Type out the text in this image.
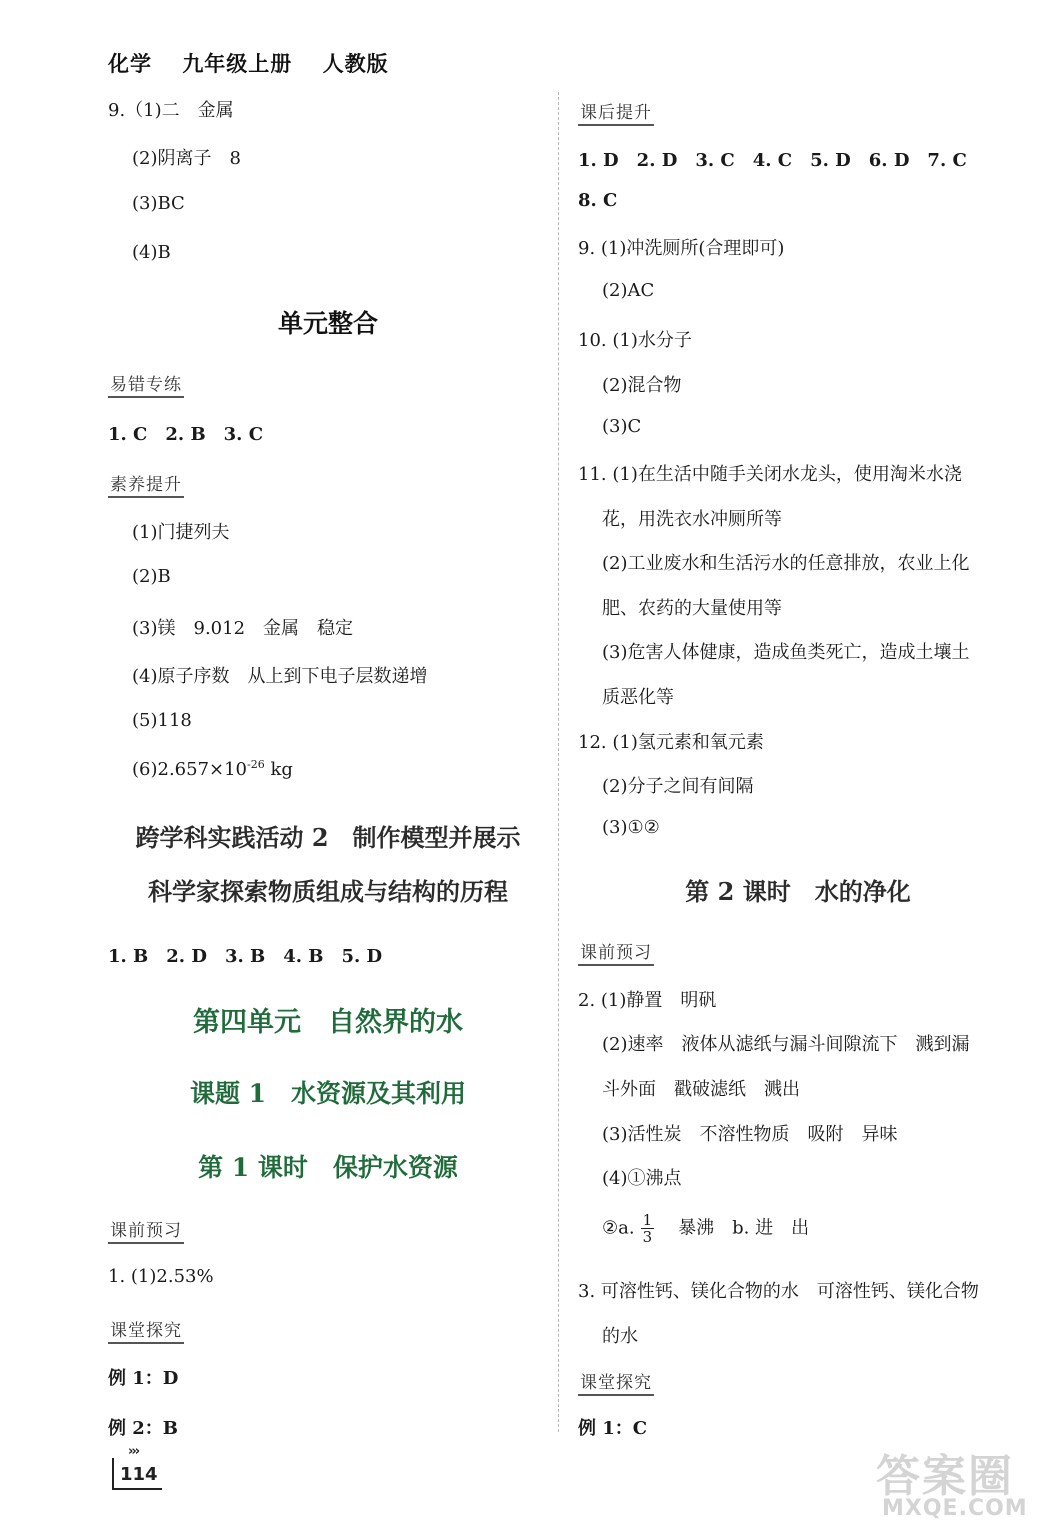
化学 九年级上册 人教版
9.（1)二　金属
(2)阴离子　8
(3)BC
(4)B
单元整合
易错专练
1. C　2. B　3. C
素养提升
(1)门捷列夫
(2)B
(3)镁　9.012　金属　稳定
(4)原子序数　从上到下电子层数递增
(5)118
$(6)2.657\times 10^{-26}$ kg
跨学科实践活动 2　制作模型并展示
科学家探索物质组成与结构的历程
1. B　2. D　3. B　4. B　5. D
第四单元　自然界的水
课题 1　水资源及其利用
第 1 课时　保护水资源
课前预习
1. (1)2.53%
课堂探究
例 1：D
例 2：B
课后提升
1. D　2. D　3. C　4. C　5. D　6. D　7. C
8. C
9. (1)冲洗厕所(合理即可)
(2)AC
10. (1)水分子
(2)混合物
(3)C
11. (1)在生活中随手关闭水龙头，使用淘米水浇
花，用洗衣水冲厕所等
(2)工业废水和生活污水的任意排放，农业上化
肥、农药的大量使用等
(3)危害人体健康，造成鱼类死亡，造成土壤土
质恶化等
12. (1)氢元素和氧元素
(2)分子之间有间隔
(3)①②
第 2 课时　水的净化
课前预习
2. (1)静置　明矾
(2)速率　液体从滤纸与漏斗间隙流下　溅到漏
斗外面　戳破滤纸　溅出
(3)活性炭　不溶性物质　吸附　异味
(4)①沸点
②a. $\frac{1}{3}$ 　暴沸　b. 进　出
3. 可溶性钙、镁化合物的水　可溶性钙、镁化合物
的水
课堂探究
例 1：C
›››
114	答案圈
MXQE.COM
